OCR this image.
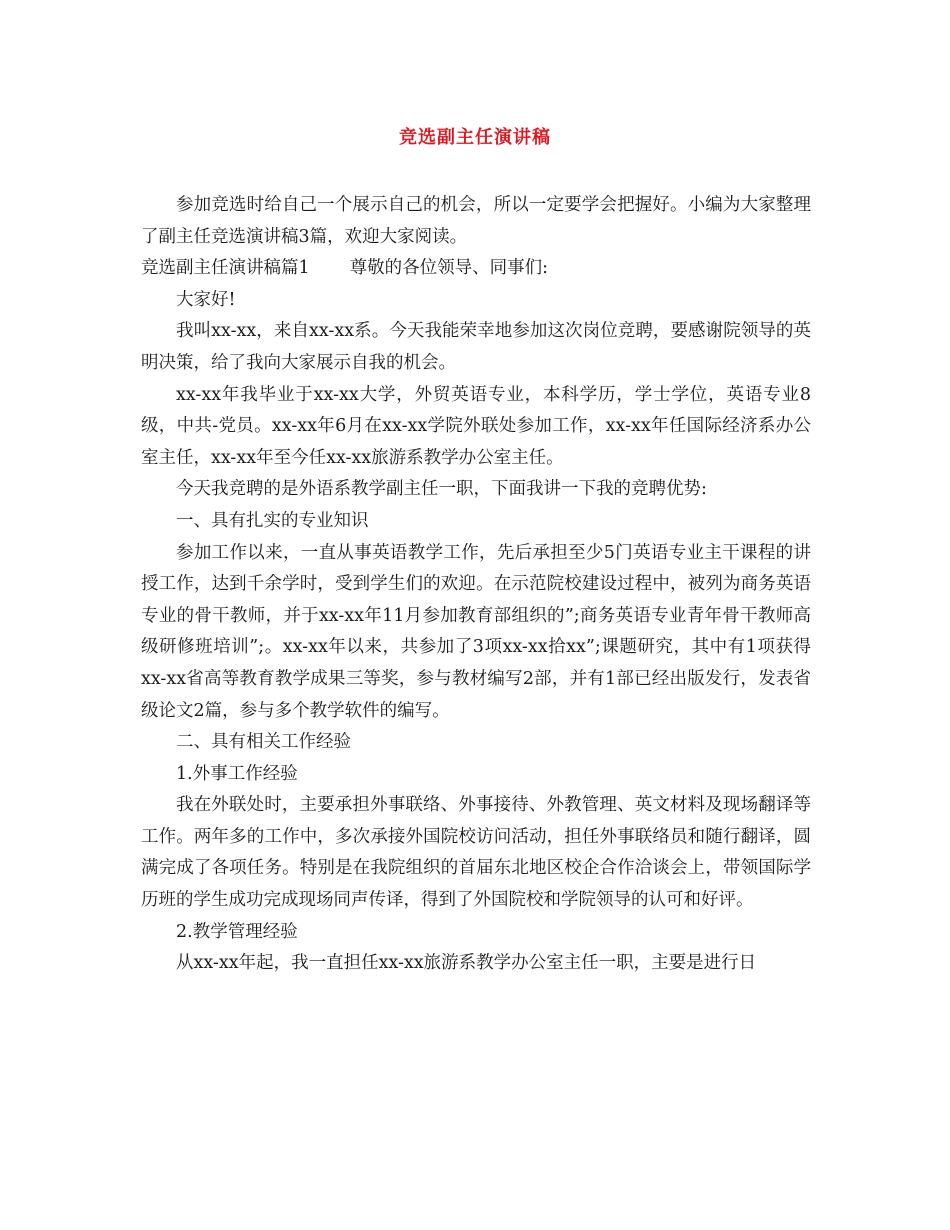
竞选副主任演讲稿

参加竞选时给自己一个展示自己的机会，所以一定要学会把握好。小编为大家整理了副主任竞选演讲稿3篇，欢迎大家阅读。

竞选副主任演讲稿篇1 尊敬的各位领导、同事们:

大家好!

我叫xx-xx，来自xx-xx系。今天我能荣幸地参加这次岗位竞聘，要感谢院领导的英明决策，给了我向大家展示自我的机会。

xx-xx年我毕业于xx-xx大学，外贸英语专业，本科学历，学士学位，英语专业8级，中共-党员。xx-xx年6月在xx-xx学院外联处参加工作，xx-xx年任国际经济系办公室主任，xx-xx年至今任xx-xx旅游系教学办公室主任。

今天我竞聘的是外语系教学副主任一职，下面我讲一下我的竞聘优势:

一、具有扎实的专业知识

参加工作以来，一直从事英语教学工作，先后承担至少5门英语专业主干课程的讲授工作，达到千余学时，受到学生们的欢迎。在示范院校建设过程中，被列为商务英语专业的骨干教师，并于xx-xx年11月参加教育部组织的”;商务英语专业青年骨干教师高级研修班培训”;。xx-xx年以来，共参加了3项xx-xx拾xx”;课题研究，其中有1项获得xx-xx省高等教育教学成果三等奖，参与教材编写2部，并有1部已经出版发行，发表省级论文2篇，参与多个教学软件的编写。

二、具有相关工作经验

1.外事工作经验

我在外联处时，主要承担外事联络、外事接待、外教管理、英文材料及现场翻译等工作。两年多的工作中，多次承接外国院校访问活动，担任外事联络员和随行翻译，圆满完成了各项任务。特别是在我院组织的首届东北地区校企合作洽谈会上，带领国际学历班的学生成功完成现场同声传译，得到了外国院校和学院领导的认可和好评。

2.教学管理经验

从xx-xx年起，我一直担任xx-xx旅游系教学办公室主任一职，主要是进行日
